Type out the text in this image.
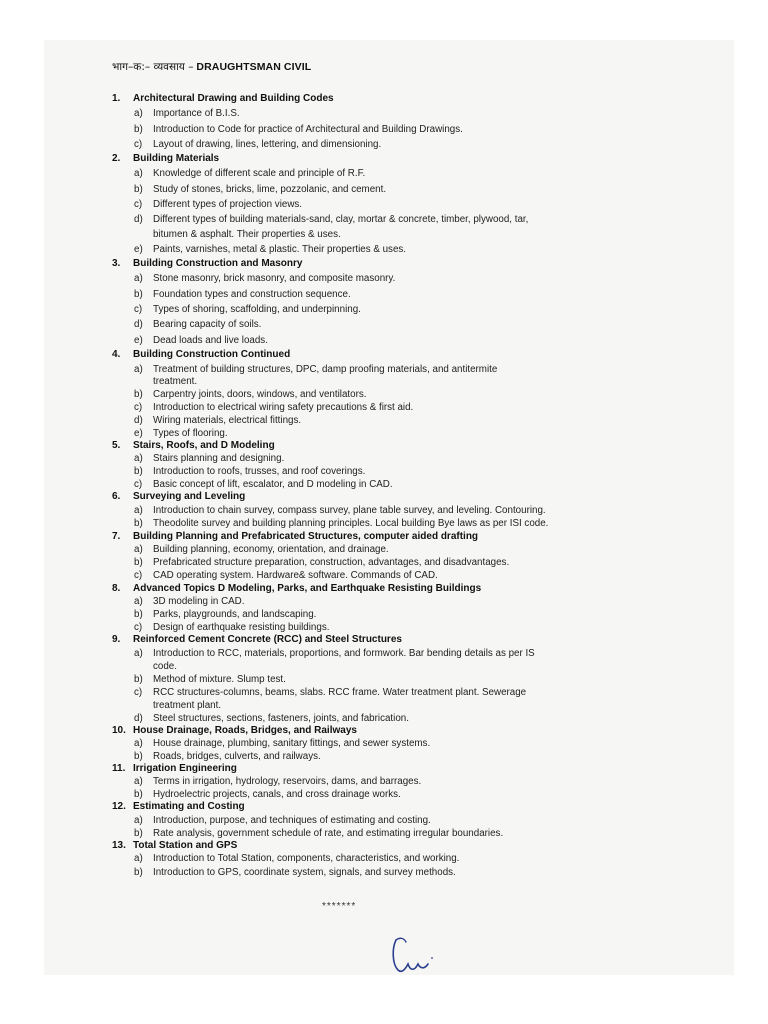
भाग–क:– व्यवसाय – DRAUGHTSMAN CIVIL
1. Architectural Drawing and Building Codes
a) Importance of B.I.S.
b) Introduction to Code for practice of Architectural and Building Drawings.
c) Layout of drawing, lines, lettering, and dimensioning.
2. Building Materials
a) Knowledge of different scale and principle of R.F.
b) Study of stones, bricks, lime, pozzolanic, and cement.
c) Different types of projection views.
d) Different types of building materials-sand, clay, mortar & concrete, timber, plywood, tar,
bitumen & asphalt. Their properties & uses.
e) Paints, varnishes, metal & plastic. Their properties & uses.
3. Building Construction and Masonry
a) Stone masonry, brick masonry, and composite masonry.
b) Foundation types and construction sequence.
c) Types of shoring, scaffolding, and underpinning.
d) Bearing capacity of soils.
e) Dead loads and live loads.
4. Building Construction Continued
a) Treatment of building structures, DPC, damp proofing materials, and antitermite
treatment.
b) Carpentry joints, doors, windows, and ventilators.
c) Introduction to electrical wiring safety precautions & first aid.
d) Wiring materials, electrical fittings.
e) Types of flooring.
5. Stairs, Roofs, and D Modeling
a) Stairs planning and designing.
b) Introduction to roofs, trusses, and roof coverings.
c) Basic concept of lift, escalator, and D modeling in CAD.
6. Surveying and Leveling
a) Introduction to chain survey, compass survey, plane table survey, and leveling. Contouring.
b) Theodolite survey and building planning principles. Local building Bye laws as per ISI code.
7. Building Planning and Prefabricated Structures, computer aided drafting
a) Building planning, economy, orientation, and drainage.
b) Prefabricated structure preparation, construction, advantages, and disadvantages.
c) CAD operating system. Hardware& software. Commands of CAD.
8. Advanced Topics D Modeling, Parks, and Earthquake Resisting Buildings
a) 3D modeling in CAD.
b) Parks, playgrounds, and landscaping.
c) Design of earthquake resisting buildings.
9. Reinforced Cement Concrete (RCC) and Steel Structures
a) Introduction to RCC, materials, proportions, and formwork. Bar bending details as per IS
code.
b) Method of mixture. Slump test.
c) RCC structures-columns, beams, slabs. RCC frame. Water treatment plant. Sewerage
treatment plant.
d) Steel structures, sections, fasteners, joints, and fabrication.
10. House Drainage, Roads, Bridges, and Railways
a) House drainage, plumbing, sanitary fittings, and sewer systems.
b) Roads, bridges, culverts, and railways.
11. Irrigation Engineering
a) Terms in irrigation, hydrology, reservoirs, dams, and barrages.
b) Hydroelectric projects, canals, and cross drainage works.
12. Estimating and Costing
a) Introduction, purpose, and techniques of estimating and costing.
b) Rate analysis, government schedule of rate, and estimating irregular boundaries.
13. Total Station and GPS
a) Introduction to Total Station, components, characteristics, and working.
b) Introduction to GPS, coordinate system, signals, and survey methods.
*******
